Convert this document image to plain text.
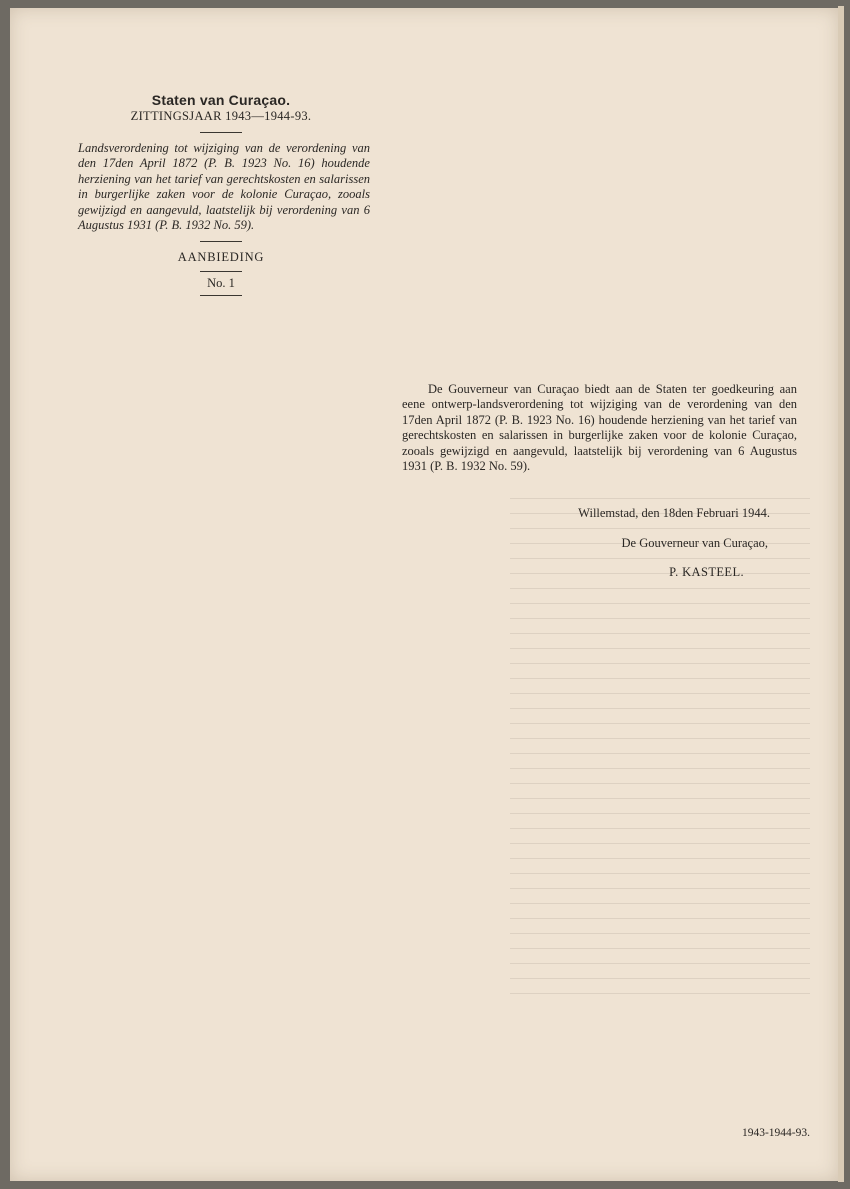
Staten van Curaçao.
ZITTINGSJAAR 1943—1944-93.

Landsverordening tot wijziging van de verordening van den 17den April 1872 (P. B. 1923 No. 16) houdende herziening van het tarief van gerechtskosten en salarissen in burgerlijke zaken voor de kolonie Curaçao, zooals gewijzigd en aangevuld, laatstelijk bij verordening van 6 Augustus 1931 (P. B. 1932 No. 59).

AANBIEDING
No. 1

De Gouverneur van Curaçao biedt aan de Staten ter goedkeuring aan eene ontwerp-landsverordening tot wijziging van de verordening van den 17den April 1872 (P. B. 1923 No. 16) houdende herziening van het tarief van gerechtskosten en salarissen in burgerlijke zaken voor de kolonie Curaçao, zooals gewijzigd en aangevuld, laatstelijk bij verordening van 6 Augustus 1931 (P. B. 1932 No. 59).

Willemstad, den 18den Februari 1944.
De Gouverneur van Curaçao,
P. KASTEEL.
1943-1944-93.
